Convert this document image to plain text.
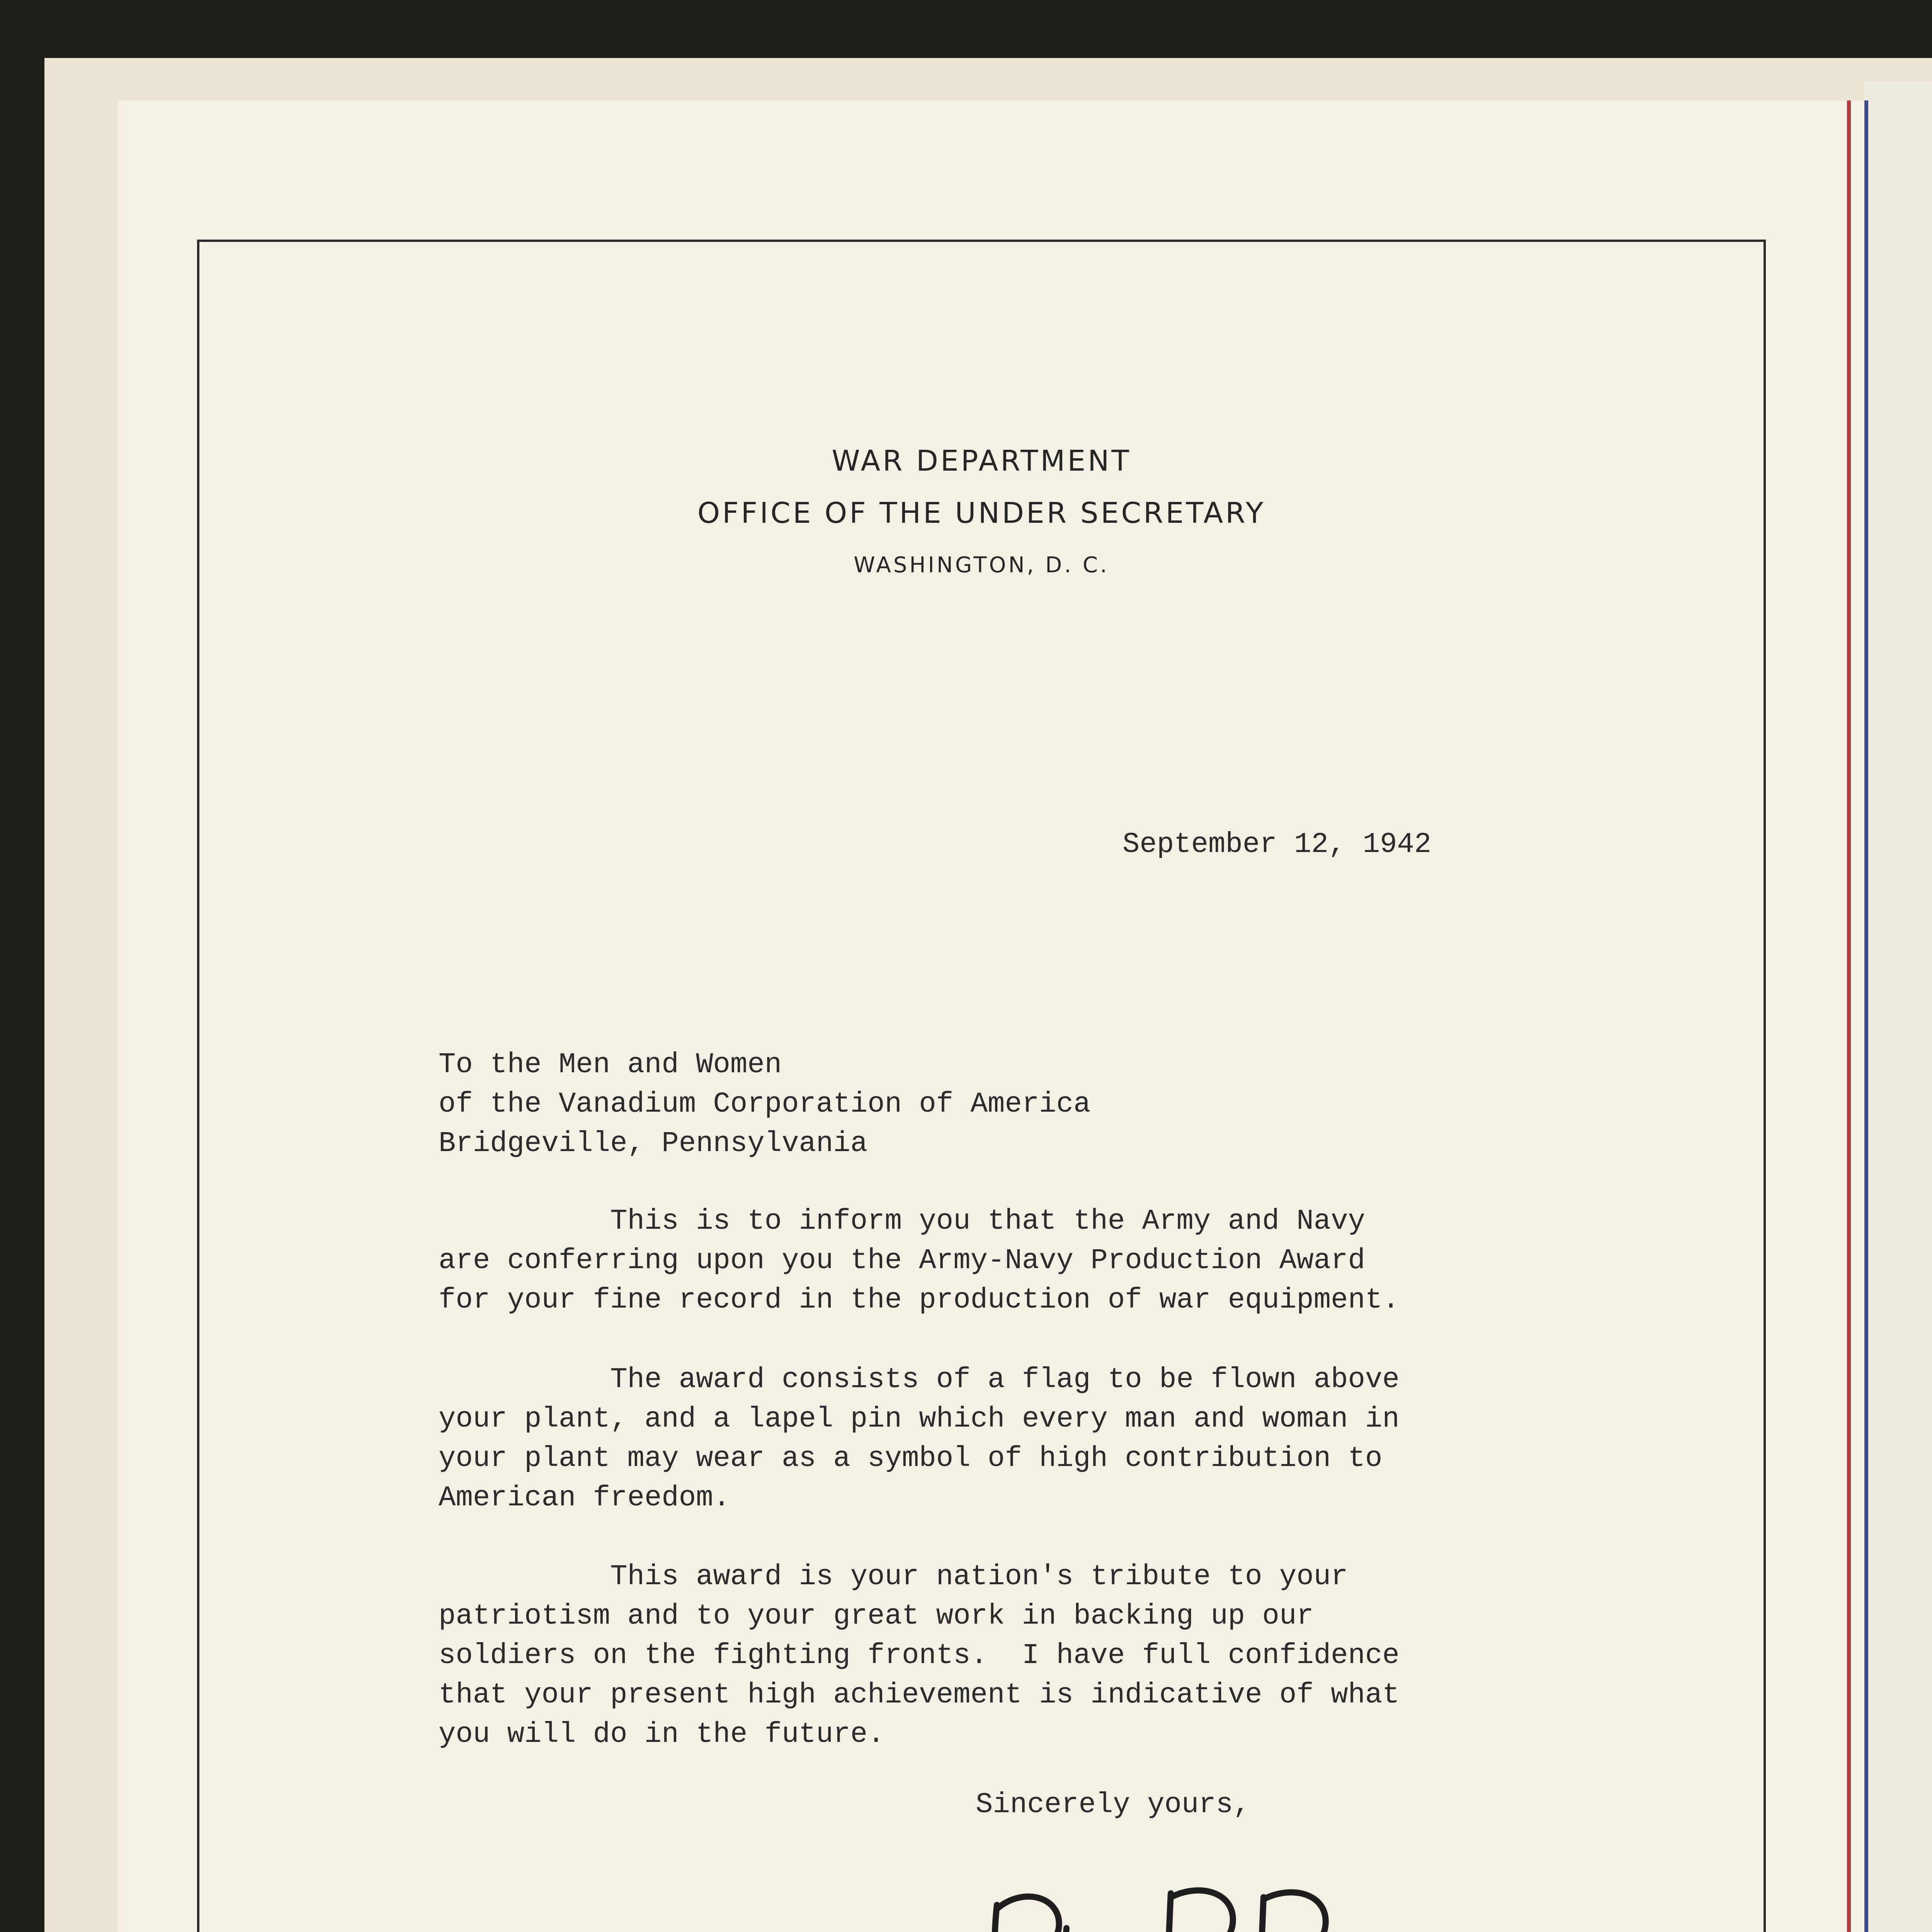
WAR DEPARTMENT
OFFICE OF THE UNDER SECRETARY
WASHINGTON, D. C.
September 12, 1942
To the Men and Women
of the Vanadium Corporation of America
Bridgeville, Pennsylvania
This is to inform you that the Army and Navy
are conferring upon you the Army-Navy Production Award
for your fine record in the production of war equipment.
The award consists of a flag to be flown above
your plant, and a lapel pin which every man and woman in
your plant may wear as a symbol of high contribution to
American freedom.
This award is your nation's tribute to your
patriotism and to your great work in backing up our
soldiers on the fighting fronts.  I have full confidence
that your present high achievement is indicative of what
you will do in the future.
Sincerely yours,
